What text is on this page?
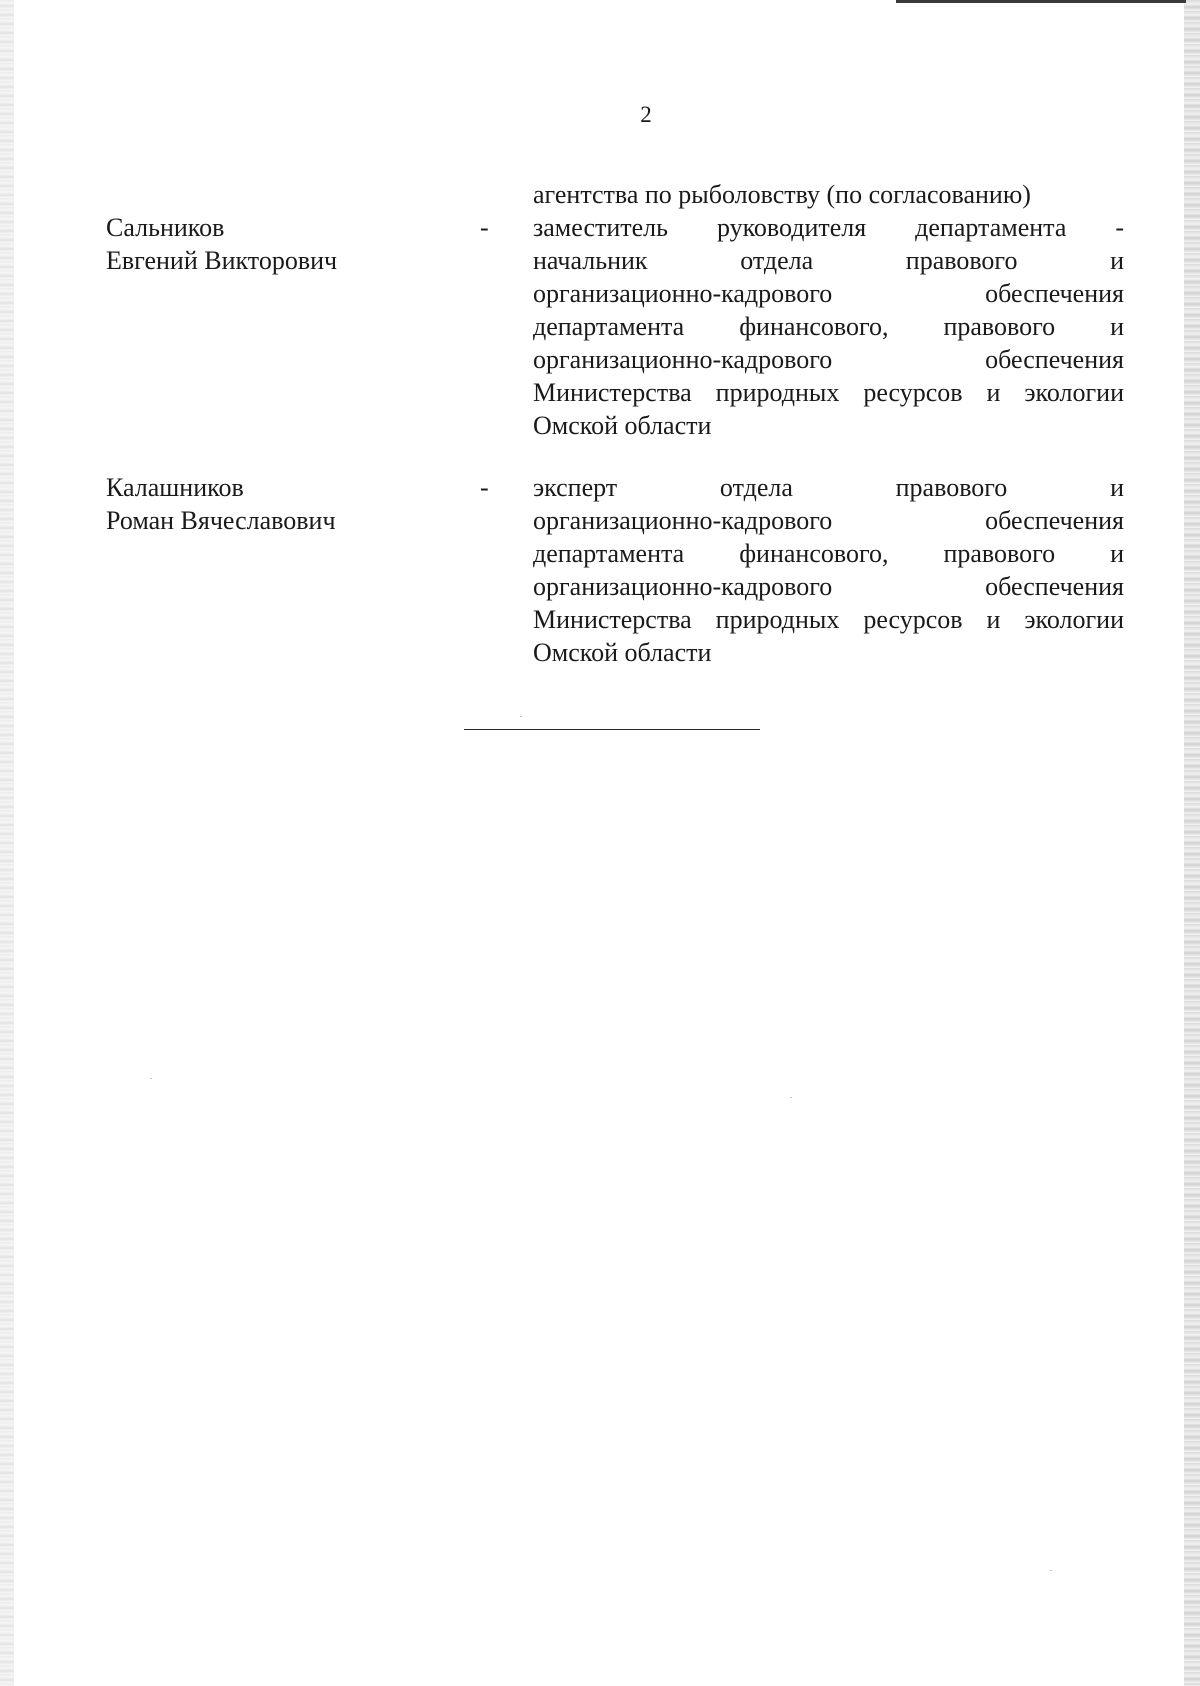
2
агентства по рыболовству (по согласованию)
Сальников
Евгений Викторович
- заместитель руководителя департамента -
начальник	отдела	правового	и
организационно-кадрового	обеспечения
департамента финансового, правового и
организационно-кадрового	обеспечения
Министерства природных ресурсов и экологии
Омской области
Калашников
Роман Вячеславович
- эксперт	отдела	правового	и
организационно-кадрового	обеспечения
департамента финансового, правового и
организационно-кадрового	обеспечения
Министерства природных ресурсов и экологии
Омской области
